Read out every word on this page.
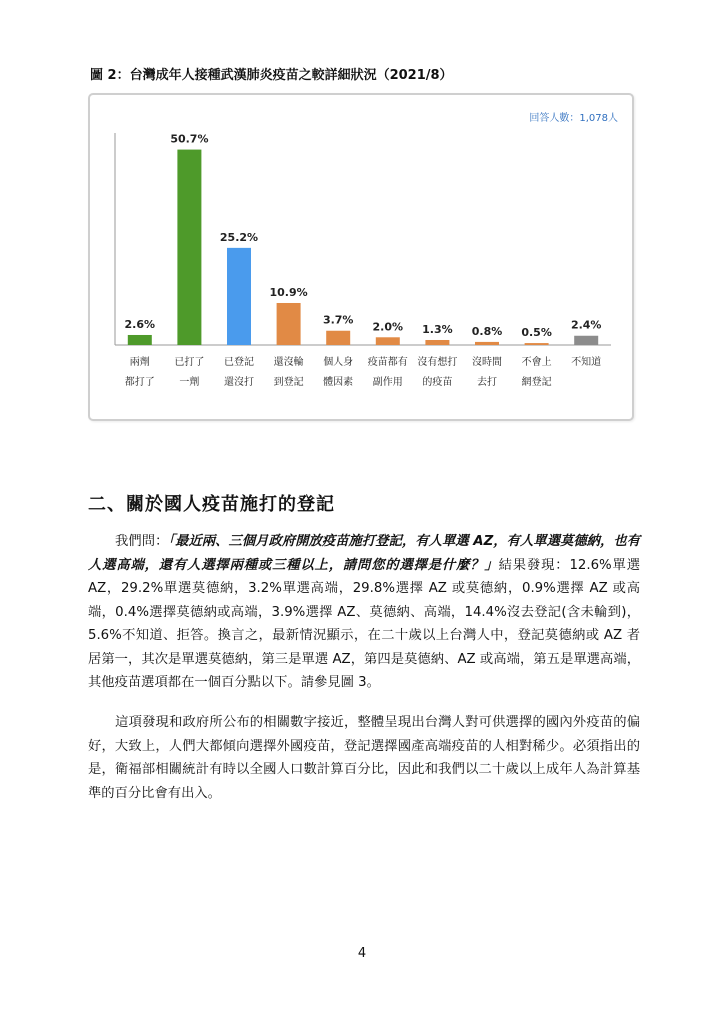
圖 2：台灣成年人接種武漢肺炎疫苗之較詳細狀況（2021/8）
回答人數：1,078人
2.6%
兩劑
都打了
50.7%
已打了
一劑
25.2%
已登記
還沒打
10.9%
還沒輪
到登記
3.7%
個人身
體因素
2.0%
疫苗都有
副作用
1.3%
沒有想打
的疫苗
0.8%
沒時間
去打
0.5%
不會上
網登記
2.4%
不知道
二、關於國人疫苗施打的登記
我們問：「最近兩、三個月政府開放疫苗施打登記，有人單選 AZ，有人單選莫德納，也有人選高端，還有人選擇兩種或三種以上，請問您的選擇是什麼？」結果發現：12.6%單選 AZ，29.2%單選莫德納，3.2%單選高端，29.8%選擇 AZ 或莫德納，0.9%選擇 AZ 或高端，0.4%選擇莫德納或高端，3.9%選擇 AZ、莫德納、高端，14.4%沒去登記(含未輪到)，5.6%不知道、拒答。換言之，最新情況顯示，在二十歲以上台灣人中，登記莫德納或 AZ 者居第一，其次是單選莫德納，第三是單選 AZ，第四是莫德納、AZ 或高端，第五是單選高端，其他疫苗選項都在一個百分點以下。請參見圖 3。
這項發現和政府所公布的相關數字接近，整體呈現出台灣人對可供選擇的國內外疫苗的偏好，大致上，人們大都傾向選擇外國疫苗，登記選擇國產高端疫苗的人相對稀少。必須指出的是，衛福部相關統計有時以全國人口數計算百分比，因此和我們以二十歲以上成年人為計算基準的百分比會有出入。
4
